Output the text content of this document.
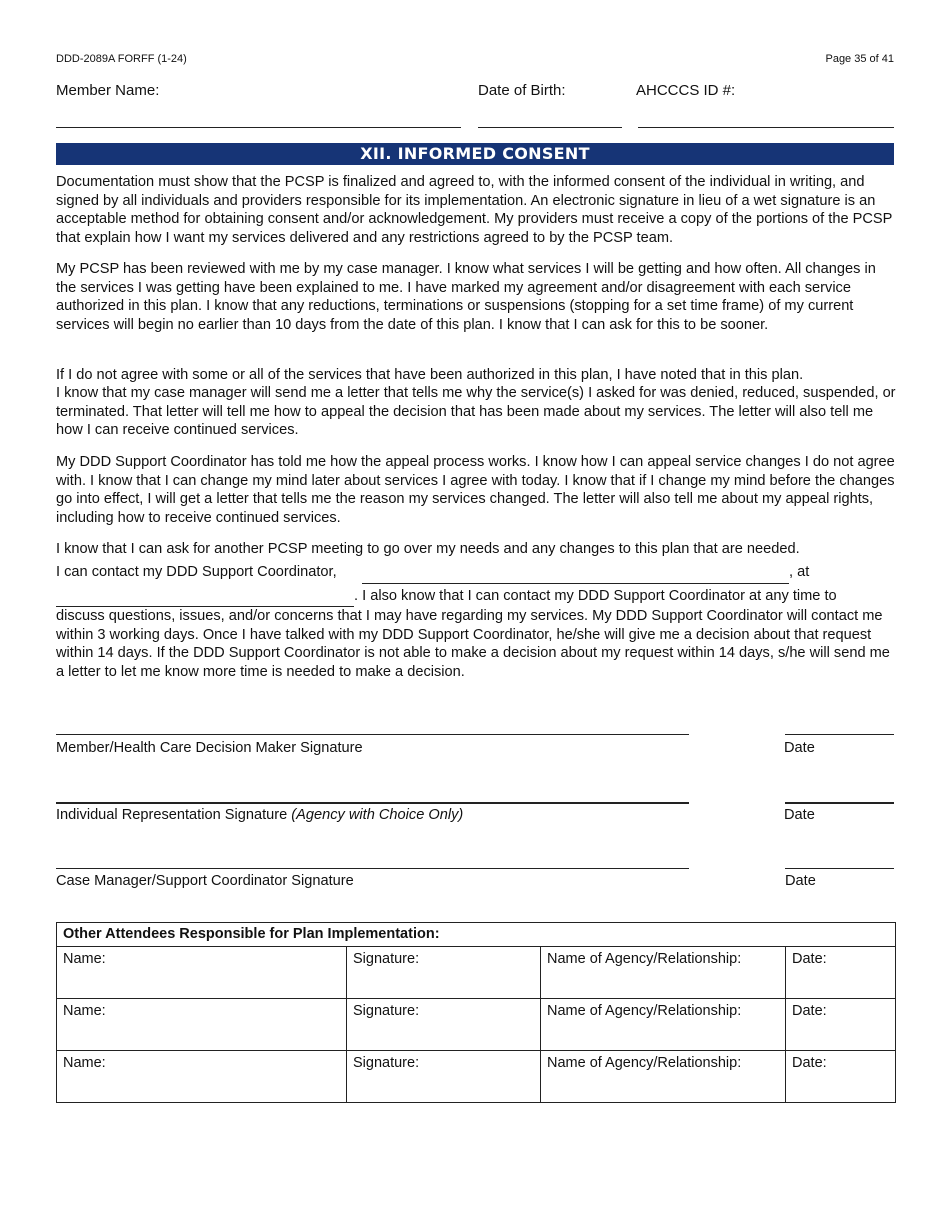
DDD-2089A FORFF (1-24)	Page 35 of 41
Member Name:	Date of Birth:	AHCCCS ID #:
XII. INFORMED CONSENT

Documentation must show that the PCSP is finalized and agreed to, with the informed consent of the individual in writing, and signed by all individuals and providers responsible for its implementation. An electronic signature in lieu of a wet signature is an acceptable method for obtaining consent and/or acknowledgement. My providers must receive a copy of the portions of the PCSP that explain how I want my services delivered and any restrictions agreed to by the PCSP team.

My PCSP has been reviewed with me by my case manager. I know what services I will be getting and how often. All changes in the services I was getting have been explained to me. I have marked my agreement and/or disagreement with each service authorized in this plan. I know that any reductions, terminations or suspensions (stopping for a set time frame) of my current services will begin no earlier than 10 days from the date of this plan. I know that I can ask for this to be sooner.

If I do not agree with some or all of the services that have been authorized in this plan, I have noted that in this plan.

I know that my case manager will send me a letter that tells me why the service(s) I asked for was denied, reduced, suspended, or terminated. That letter will tell me how to appeal the decision that has been made about my services. The letter will also tell me how I can receive continued services.

My DDD Support Coordinator has told me how the appeal process works. I know how I can appeal service changes I do not agree with. I know that I can change my mind later about services I agree with today. I know that if I change my mind before the changes go into effect, I will get a letter that tells me the reason my services changed. The letter will also tell me about my appeal rights, including how to receive continued services.

I know that I can ask for another PCSP meeting to go over my needs and any changes to this plan that are needed.

I can contact my DDD Support Coordinator,	, at
. I also know that I can contact my DDD Support Coordinator at any time to

discuss questions, issues, and/or concerns that I may have regarding my services. My DDD Support Coordinator will contact me within 3 working days. Once I have talked with my DDD Support Coordinator, he/she will give me a decision about that request within 14 days. If the DDD Support Coordinator is not able to make a decision about my request within 14 days, s/he will send me a letter to let me know more time is needed to make a decision.

Member/Health Care Decision Maker Signature	Date
Individual Representation Signature (Agency with Choice Only)	Date
Case Manager/Support Coordinator Signature	Date
Other Attendees Responsible for Plan Implementation:			
Name:	Signature:	Name of Agency/Relationship:	Date:
Name:	Signature:	Name of Agency/Relationship:	Date:
Name:	Signature:	Name of Agency/Relationship:	Date:
